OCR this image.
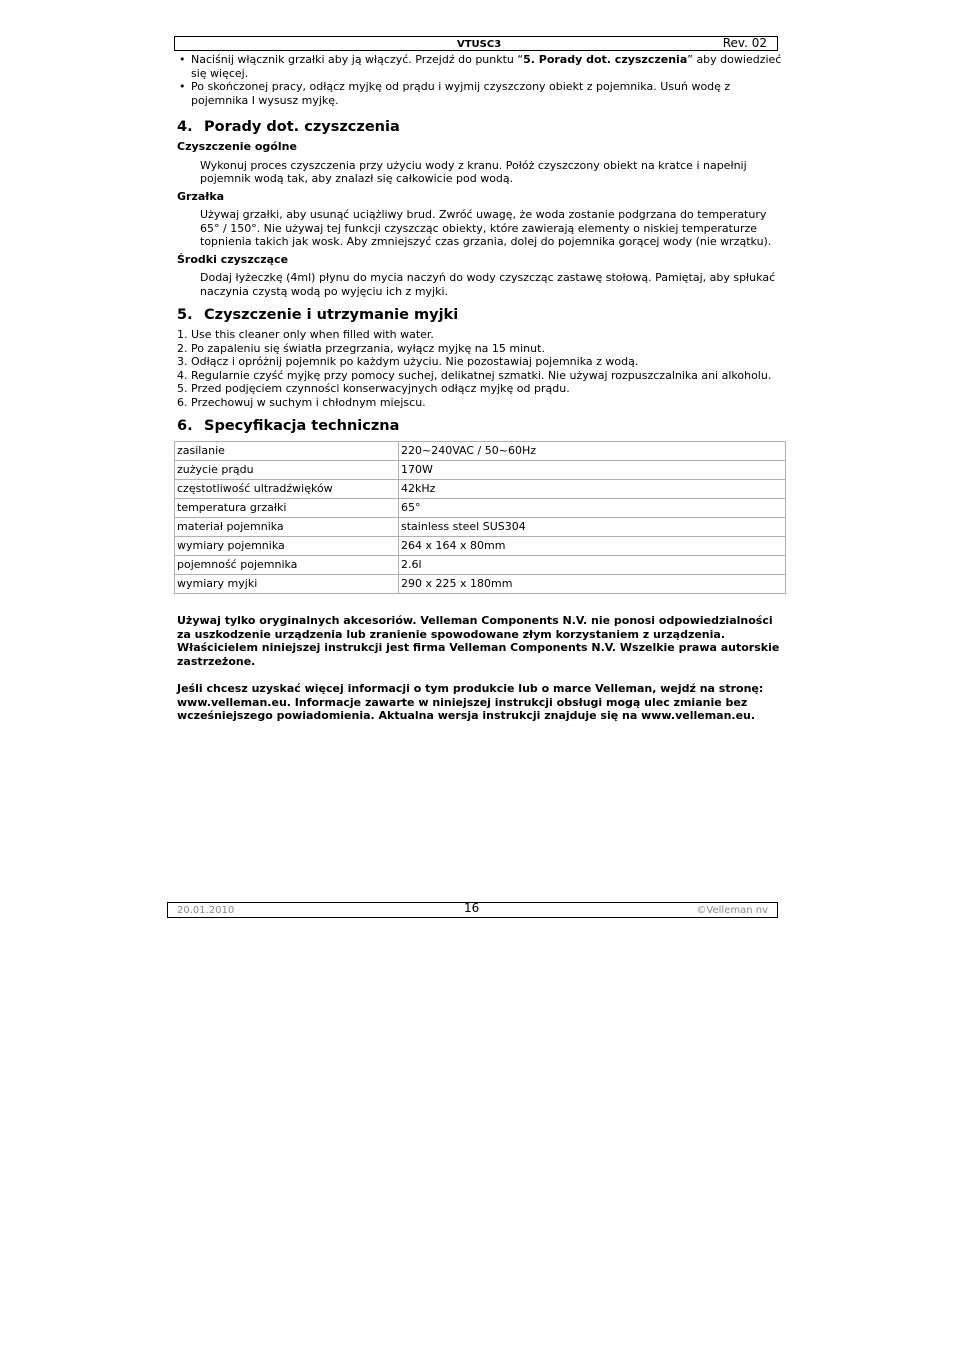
VTUSC3	Rev. 02
• Naciśnij włącznik grzałki aby ją włączyć. Przejdź do punktu “5. Porady dot. czyszczenia” aby dowiedzieć się więcej.
• Po skończonej pracy, odłącz myjkę od prądu i wyjmij czyszczony obiekt z pojemnika. Usuń wodę z pojemnika I wysusz myjkę.
4. Porady dot. czyszczenia
Czyszczenie ogólne

Wykonuj proces czyszczenia przy użyciu wody z kranu. Połóż czyszczony obiekt na kratce i napełnij pojemnik wodą tak, aby znalazł się całkowicie pod wodą.

Grzałka

Używaj grzałki, aby usunąć uciążliwy brud. Zwróć uwagę, że woda zostanie podgrzana do temperatury 65° / 150°. Nie używaj tej funkcji czyszcząc obiekty, które zawierają elementy o niskiej temperaturze topnienia takich jak wosk. Aby zmniejszyć czas grzania, dolej do pojemnika gorącej wody (nie wrzątku).

Środki czyszczące

Dodaj łyżeczkę (4ml) płynu do mycia naczyń do wody czyszcząc zastawę stołową. Pamiętaj, aby spłukać naczynia czystą wodą po wyjęciu ich z myjki.

5. Czyszczenie i utrzymanie myjki
1. Use this cleaner only when filled with water.
2. Po zapaleniu się światła przegrzania, wyłącz myjkę na 15 minut.
3. Odłącz i opróżnij pojemnik po każdym użyciu. Nie pozostawiaj pojemnika z wodą.
4. Regularnie czyść myjkę przy pomocy suchej, delikatnej szmatki. Nie używaj rozpuszczalnika ani alkoholu.
5. Przed podjęciem czynności konserwacyjnych odłącz myjkę od prądu.
6. Przechowuj w suchym i chłodnym miejscu.
6. Specyfikacja techniczna
zasilanie	220~240VAC / 50~60Hz
zużycie prądu	170W
częstotliwość ultradźwięków	42kHz
temperatura grzałki	65°
materiał pojemnika	stainless steel SUS304
wymiary pojemnika	264 x 164 x 80mm
pojemność pojemnika	2.6l
wymiary myjki	290 x 225 x 180mm

Używaj tylko oryginalnych akcesoriów. Velleman Components N.V. nie ponosi odpowiedzialności za uszkodzenie urządzenia lub zranienie spowodowane złym korzystaniem z urządzenia. Właścicielem niniejszej instrukcji jest firma Velleman Components N.V. Wszelkie prawa autorskie zastrzeżone.

Jeśli chcesz uzyskać więcej informacji o tym produkcie lub o marce Velleman, wejdź na stronę: www.velleman.eu. Informacje zawarte w niniejszej instrukcji obsługi mogą ulec zmianie bez wcześniejszego powiadomienia. Aktualna wersja instrukcji znajduje się na www.velleman.eu.

20.01.2010	16	©Velleman nv
